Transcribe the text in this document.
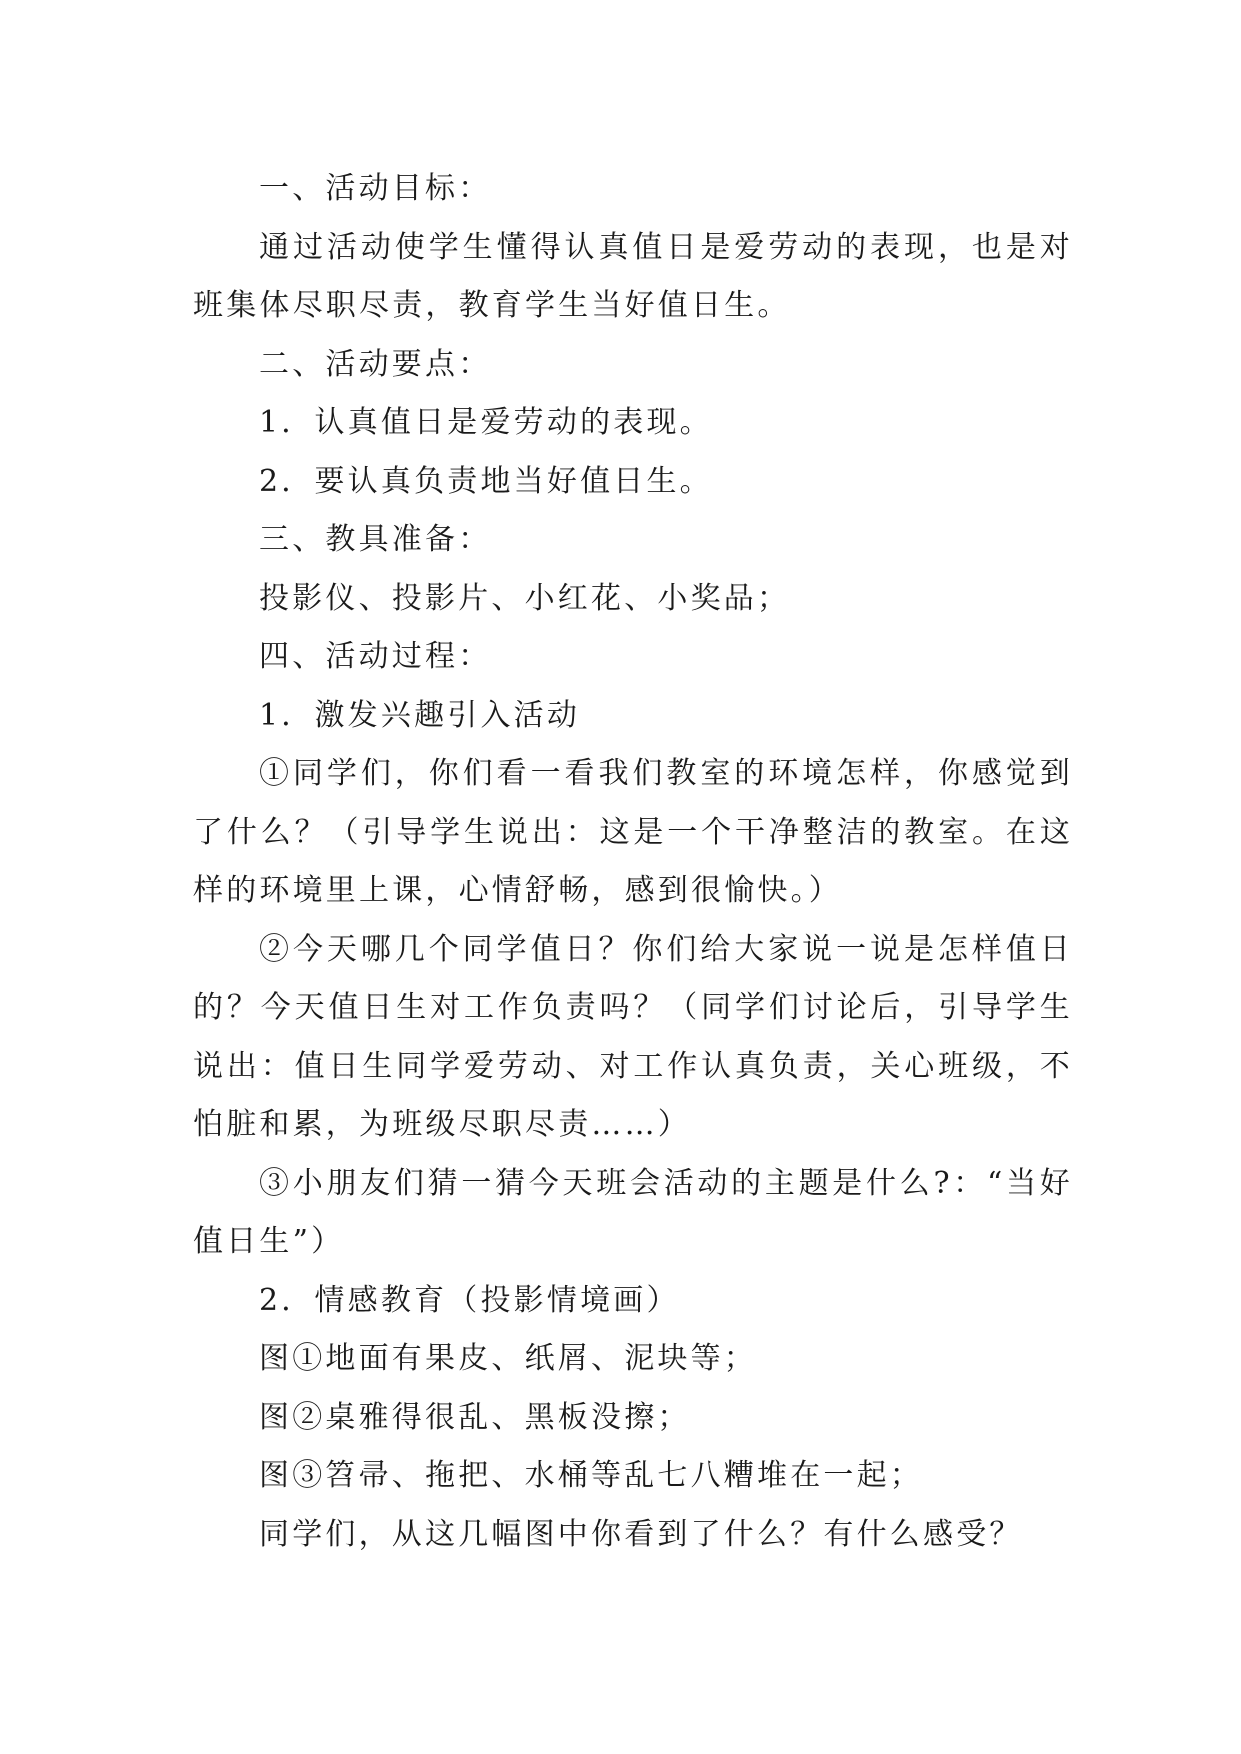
一、活动目标：

通过活动使学生懂得认真值日是爱劳动的表现，也是对班集体尽职尽责，教育学生当好值日生。

二、活动要点：

1．认真值日是爱劳动的表现。

2．要认真负责地当好值日生。

三、教具准备：

投影仪、投影片、小红花、小奖品；

四、活动过程：

1．激发兴趣引入活动

①同学们，你们看一看我们教室的环境怎样，你感觉到了什么？（引导学生说出：这是一个干净整洁的教室。在这样的环境里上课，心情舒畅，感到很愉快。）

②今天哪几个同学值日？你们给大家说一说是怎样值日的？今天值日生对工作负责吗？（同学们讨论后，引导学生说出：值日生同学爱劳动、对工作认真负责，关心班级，不怕脏和累，为班级尽职尽责……）

③小朋友们猜一猜今天班会活动的主题是什么?：“当好值日生”）

2．情感教育（投影情境画）

图①地面有果皮、纸屑、泥块等；

图②桌雅得很乱、黑板没擦；

图③笤帚、拖把、水桶等乱七八糟堆在一起；

同学们，从这几幅图中你看到了什么？有什么感受？
